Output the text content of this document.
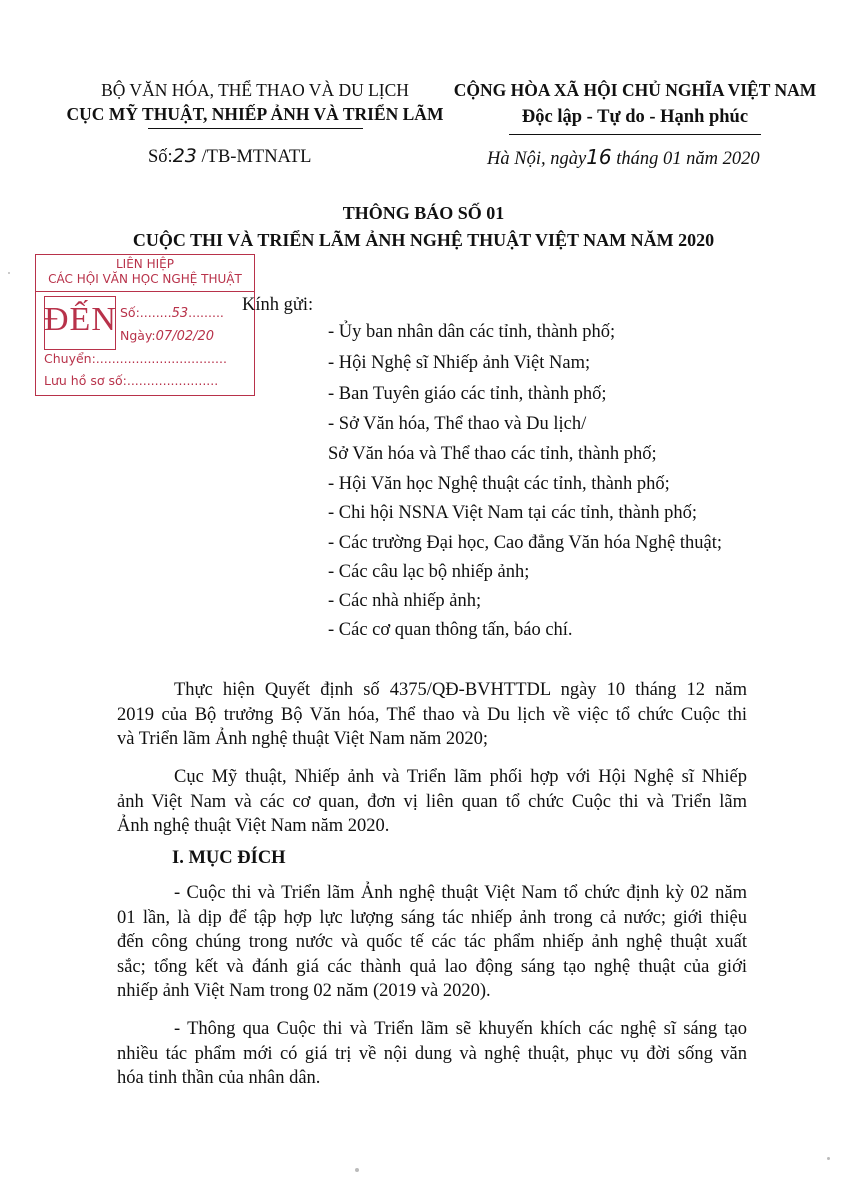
BỘ VĂN HÓA, THỂ THAO VÀ DU LỊCH
CỤC MỸ THUẬT, NHIẾP ẢNH VÀ TRIỂN LÃM
CỘNG HÒA XÃ HỘI CHỦ NGHĨA VIỆT NAM
Độc lập - Tự do - Hạnh phúc
Số:23 /TB-MTNATL	Hà Nội, ngày16 tháng 01 năm 2020
THÔNG BÁO SỐ 01
CUỘC THI VÀ TRIỂN LÃM ẢNH NGHỆ THUẬT VIỆT NAM NĂM 2020
LIÊN HIỆP
CÁC HỘI VĂN HỌC NGHỆ THUẬT
ĐẾN Số:........53.........
Ngày:07/02/20
Chuyển:.................................
Lưu hồ sơ số:.......................
Kính gửi:
- Ủy ban nhân dân các tỉnh, thành phố;
- Hội Nghệ sĩ Nhiếp ảnh Việt Nam;
- Ban Tuyên giáo các tỉnh, thành phố;
- Sở Văn hóa, Thể thao và Du lịch/
Sở Văn hóa và Thể thao các tỉnh, thành phố;
- Hội Văn học Nghệ thuật các tỉnh, thành phố;
- Chi hội NSNA Việt Nam tại các tỉnh, thành phố;
- Các trường Đại học, Cao đẳng Văn hóa Nghệ thuật;
- Các câu lạc bộ nhiếp ảnh;
- Các nhà nhiếp ảnh;
- Các cơ quan thông tấn, báo chí.
Thực hiện Quyết định số 4375/QĐ-BVHTTDL ngày 10 tháng 12 năm
2019 của Bộ trưởng Bộ Văn hóa, Thể thao và Du lịch về việc tổ chức Cuộc thi
và Triển lãm Ảnh nghệ thuật Việt Nam năm 2020;
Cục Mỹ thuật, Nhiếp ảnh và Triển lãm phối hợp với Hội Nghệ sĩ Nhiếp
ảnh Việt Nam và các cơ quan, đơn vị liên quan tổ chức Cuộc thi và Triển lãm
Ảnh nghệ thuật Việt Nam năm 2020.
I. MỤC ĐÍCH
- Cuộc thi và Triển lãm Ảnh nghệ thuật Việt Nam tổ chức định kỳ 02 năm
01 lần, là dịp để tập hợp lực lượng sáng tác nhiếp ảnh trong cả nước; giới thiệu
đến công chúng trong nước và quốc tế các tác phẩm nhiếp ảnh nghệ thuật xuất
sắc; tổng kết và đánh giá các thành quả lao động sáng tạo nghệ thuật của giới
nhiếp ảnh Việt Nam trong 02 năm (2019 và 2020).
- Thông qua Cuộc thi và Triển lãm sẽ khuyến khích các nghệ sĩ sáng tạo
nhiều tác phẩm mới có giá trị về nội dung và nghệ thuật, phục vụ đời sống văn
hóa tinh thần của nhân dân.
